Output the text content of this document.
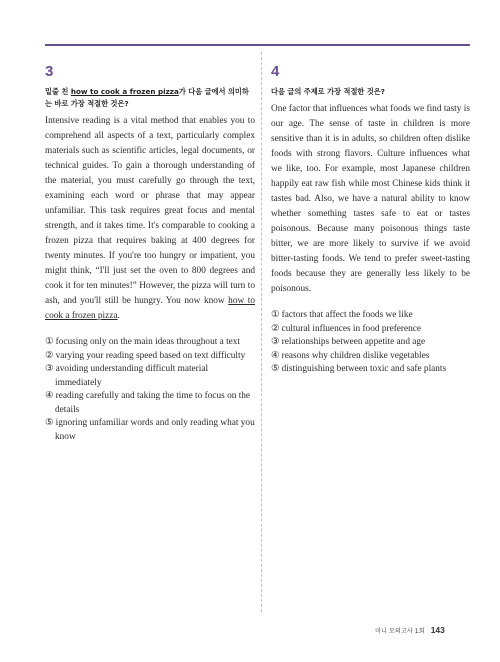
3

밑줄 친 how to cook a frozen pizza가 다음 글에서 의미하는 바로 가장 적절한 것은?

Intensive reading is a vital method that enables you to comprehend all aspects of a text, particularly complex materials such as scientific articles, legal documents, or technical guides. To gain a thorough understanding of the material, you must carefully go through the text, examining each word or phrase that may appear unfamiliar. This task requires great focus and mental strength, and it takes time. It's comparable to cooking a frozen pizza that requires baking at 400 degrees for twenty minutes. If you're too hungry or impatient, you might think, “I'll just set the oven to 800 degrees and cook it for ten minutes!” However, the pizza will turn to ash, and you'll still be hungry. You now know how to cook a frozen pizza.

① focusing only on the main ideas throughout a text
② varying your reading speed based on text difficulty
③ avoiding understanding difficult material immediately
④ reading carefully and taking the time to focus on the details
⑤ ignoring unfamiliar words and only reading what you know
4

다음 글의 주제로 가장 적절한 것은?

One factor that influences what foods we find tasty is our age. The sense of taste in children is more sensitive than it is in adults, so children often dislike foods with strong flavors. Culture influences what we like, too. For example, most Japanese children happily eat raw fish while most Chinese kids think it tastes bad. Also, we have a natural ability to know whether something tastes safe to eat or tastes poisonous. Because many poisonous things taste bitter, we are more likely to survive if we avoid bitter-tasting foods. We tend to prefer sweet-tasting foods because they are generally less likely to be poisonous.

① factors that affect the foods we like
② cultural influences in food preference
③ relationships between appetite and age
④ reasons why children dislike vegetables
⑤ distinguishing between toxic and safe plants
미니 모의고사 1회 143
